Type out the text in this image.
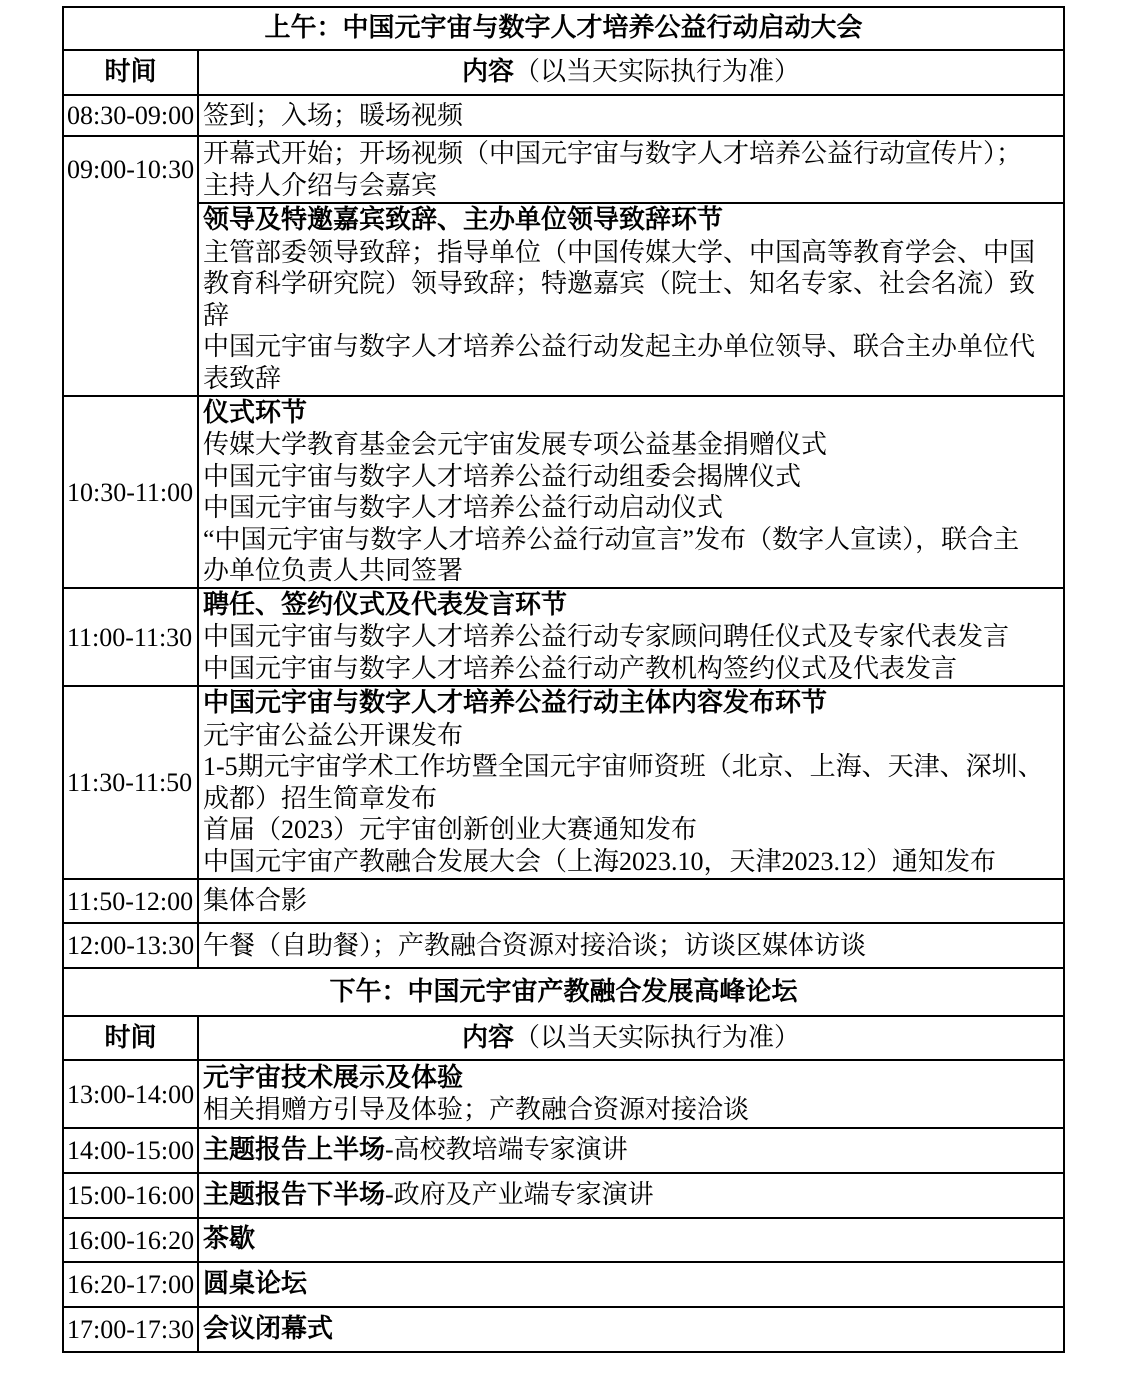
上午：中国元宇宙与数字人才培养公益行动启动大会
时间	内容（以当天实际执行为准）
08:30-09:00 签到；入场；暖场视频
09:00-10:30
开幕式开始；开场视频（中国元宇宙与数字人才培养公益行动宣传片）；
主持人介绍与会嘉宾
领导及特邀嘉宾致辞、主办单位领导致辞环节
主管部委领导致辞；指导单位（中国传媒大学、中国高等教育学会、中国
教育科学研究院）领导致辞；特邀嘉宾（院士、知名专家、社会名流）致
辞
中国元宇宙与数字人才培养公益行动发起主办单位领导、联合主办单位代
表致辞
10:30-11:00
仪式环节
传媒大学教育基金会元宇宙发展专项公益基金捐赠仪式
中国元宇宙与数字人才培养公益行动组委会揭牌仪式
中国元宇宙与数字人才培养公益行动启动仪式
“中国元宇宙与数字人才培养公益行动宣言”发布（数字人宣读），联合主
办单位负责人共同签署
11:00-11:30
聘任、签约仪式及代表发言环节
中国元宇宙与数字人才培养公益行动专家顾问聘任仪式及专家代表发言
中国元宇宙与数字人才培养公益行动产教机构签约仪式及代表发言
11:30-11:50
中国元宇宙与数字人才培养公益行动主体内容发布环节
元宇宙公益公开课发布
1-5期元宇宙学术工作坊暨全国元宇宙师资班（北京、上海、天津、深圳、
成都）招生简章发布
首届（2023）元宇宙创新创业大赛通知发布
中国元宇宙产教融合发展大会（上海2023.10，天津2023.12）通知发布
11:50-12:00 集体合影
12:00-13:30 午餐（自助餐）；产教融合资源对接洽谈；访谈区媒体访谈
下午：中国元宇宙产教融合发展高峰论坛
时间	内容（以当天实际执行为准）
13:00-14:00
元宇宙技术展示及体验
相关捐赠方引导及体验；产教融合资源对接洽谈
14:00-15:00 主题报告上半场-高校教培端专家演讲
15:00-16:00 主题报告下半场-政府及产业端专家演讲
16:00-16:20 茶歇
16:20-17:00 圆桌论坛
17:00-17:30 会议闭幕式
